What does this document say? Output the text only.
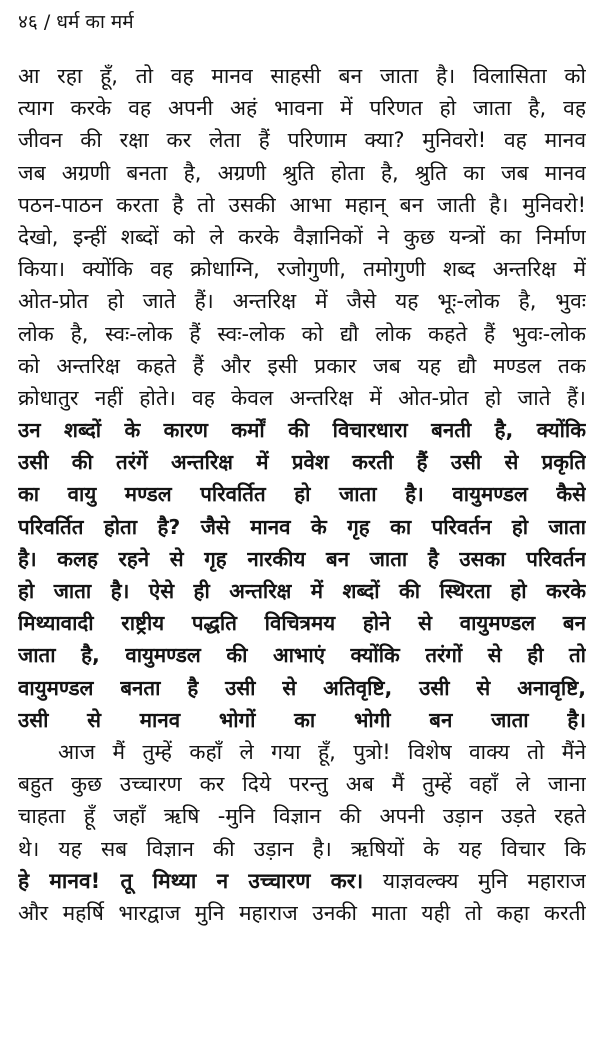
४६ / धर्म का मर्म
आ रहा हूँ, तो वह मानव साहसी बन जाता है। विलासिता को
त्याग करके वह अपनी अहं भावना में परिणत हो जाता है, वह
जीवन की रक्षा कर लेता हैं परिणाम क्या? मुनिवरो! वह मानव
जब अग्रणी बनता है, अग्रणी श्रुति होता है, श्रुति का जब मानव
पठन-पाठन करता है तो उसकी आभा महान् बन जाती है। मुनिवरो!
देखो, इन्हीं शब्दों को ले करके वैज्ञानिकों ने कुछ यन्त्रों का निर्माण
किया। क्योंकि वह क्रोधाग्नि, रजोगुणी, तमोगुणी शब्द अन्तरिक्ष में
ओत-प्रोत हो जाते हैं। अन्तरिक्ष में जैसे यह भूः-लोक है, भुवः
लोक है, स्वः-लोक हैं स्वः-लोक को द्यौ लोक कहते हैं भुवः-लोक
को अन्तरिक्ष कहते हैं और इसी प्रकार जब यह द्यौ मण्डल तक
क्रोधातुर नहीं होते। वह केवल अन्तरिक्ष में ओत-प्रोत हो जाते हैं।
उन शब्दों के कारण कर्मों की विचारधारा बनती है, क्योंकि
उसी की तरंगें अन्तरिक्ष में प्रवेश करती हैं उसी से प्रकृति
का वायु मण्डल परिवर्तित हो जाता है। वायुमण्डल कैसे
परिवर्तित होता है? जैसे मानव के गृह का परिवर्तन हो जाता
है। कलह रहने से गृह नारकीय बन जाता है उसका परिवर्तन
हो जाता है। ऐसे ही अन्तरिक्ष में शब्दों की स्थिरता हो करके
मिथ्यावादी राष्ट्रीय पद्धति विचित्रमय होने से वायुमण्डल बन
जाता है, वायुमण्डल की आभाएं क्योंकि तरंगों से ही तो
वायुमण्डल बनता है उसी से अतिवृष्टि, उसी से अनावृष्टि,
उसी से मानव भोगों का भोगी बन जाता है।
आज मैं तुम्हें कहाँ ले गया हूँ, पुत्रो! विशेष वाक्य तो मैंने
बहुत कुछ उच्चारण कर दिये परन्तु अब मैं तुम्हें वहाँ ले जाना
चाहता हूँ जहाँ ऋषि -मुनि विज्ञान की अपनी उड़ान उड़ते रहते
थे। यह सब विज्ञान की उड़ान है। ऋषियों के यह विचार कि
हे मानव! तू मिथ्या न उच्चारण कर। याज्ञवल्क्य मुनि महाराज
और महर्षि भारद्वाज मुनि महाराज उनकी माता यही तो कहा करती
